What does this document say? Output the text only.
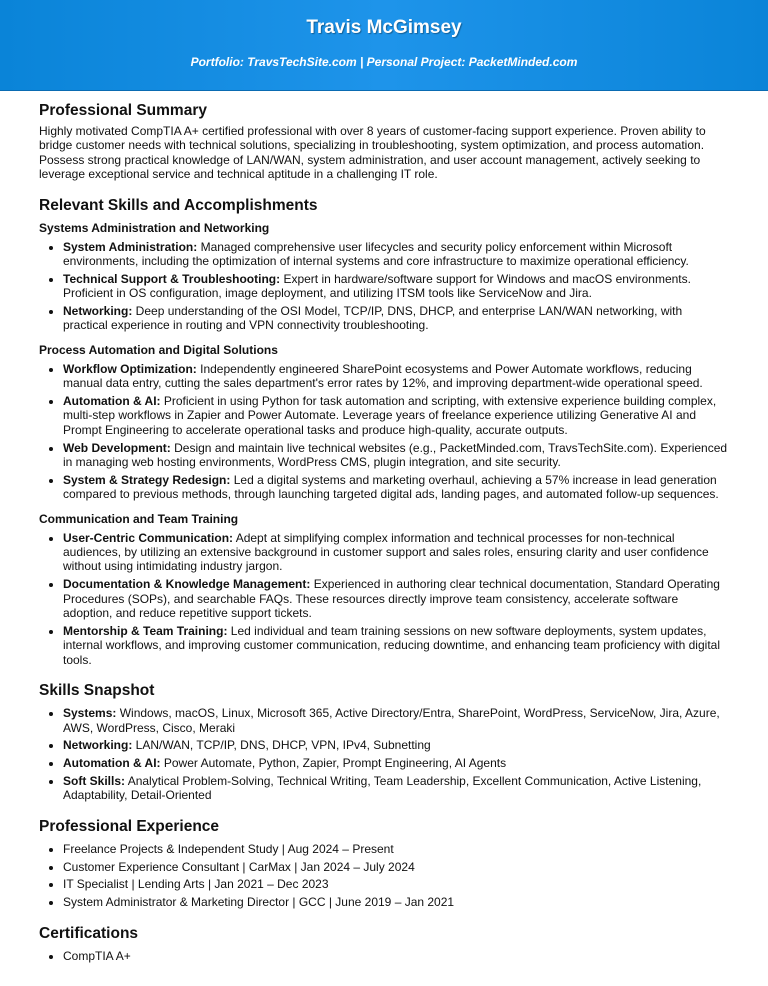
Travis McGimsey
Portfolio: TravsTechSite.com | Personal Project: PacketMinded.com
Professional Summary

Highly motivated CompTIA A+ certified professional with over 8 years of customer-facing support experience. Proven ability to bridge customer needs with technical solutions, specializing in troubleshooting, system optimization, and process automation. Possess strong practical knowledge of LAN/WAN, system administration, and user account management, actively seeking to leverage exceptional service and technical aptitude in a challenging IT role.

Relevant Skills and Accomplishments
Systems Administration and Networking
• System Administration: Managed comprehensive user lifecycles and security policy enforcement within Microsoft environments, including the optimization of internal systems and core infrastructure to maximize operational efficiency.
• Technical Support & Troubleshooting: Expert in hardware/software support for Windows and macOS environments. Proficient in OS configuration, image deployment, and utilizing ITSM tools like ServiceNow and Jira.
• Networking: Deep understanding of the OSI Model, TCP/IP, DNS, DHCP, and enterprise LAN/WAN networking, with practical experience in routing and VPN connectivity troubleshooting.
Process Automation and Digital Solutions
• Workflow Optimization: Independently engineered SharePoint ecosystems and Power Automate workflows, reducing manual data entry, cutting the sales department's error rates by 12%, and improving department-wide operational speed.
• Automation & AI: Proficient in using Python for task automation and scripting, with extensive experience building complex, multi-step workflows in Zapier and Power Automate. Leverage years of freelance experience utilizing Generative AI and Prompt Engineering to accelerate operational tasks and produce high-quality, accurate outputs.
• Web Development: Design and maintain live technical websites (e.g., PacketMinded.com, TravsTechSite.com). Experienced in managing web hosting environments, WordPress CMS, plugin integration, and site security.
• System & Strategy Redesign: Led a digital systems and marketing overhaul, achieving a 57% increase in lead generation compared to previous methods, through launching targeted digital ads, landing pages, and automated follow-up sequences.
Communication and Team Training
• User-Centric Communication: Adept at simplifying complex information and technical processes for non-technical audiences, by utilizing an extensive background in customer support and sales roles, ensuring clarity and user confidence without using intimidating industry jargon.
• Documentation & Knowledge Management: Experienced in authoring clear technical documentation, Standard Operating Procedures (SOPs), and searchable FAQs. These resources directly improve team consistency, accelerate software adoption, and reduce repetitive support tickets.
• Mentorship & Team Training: Led individual and team training sessions on new software deployments, system updates, internal workflows, and improving customer communication, reducing downtime, and enhancing team proficiency with digital tools.
Skills Snapshot
• Systems: Windows, macOS, Linux, Microsoft 365, Active Directory/Entra, SharePoint, WordPress, ServiceNow, Jira, Azure, AWS, WordPress, Cisco, Meraki
• Networking: LAN/WAN, TCP/IP, DNS, DHCP, VPN, IPv4, Subnetting
• Automation & AI: Power Automate, Python, Zapier, Prompt Engineering, AI Agents
• Soft Skills: Analytical Problem-Solving, Technical Writing, Team Leadership, Excellent Communication, Active Listening, Adaptability, Detail-Oriented
Professional Experience
• Freelance Projects & Independent Study | Aug 2024 – Present
• Customer Experience Consultant | CarMax | Jan 2024 – July 2024
• IT Specialist | Lending Arts | Jan 2021 – Dec 2023
• System Administrator & Marketing Director | GCC | June 2019 – Jan 2021
Certifications
• CompTIA A+
